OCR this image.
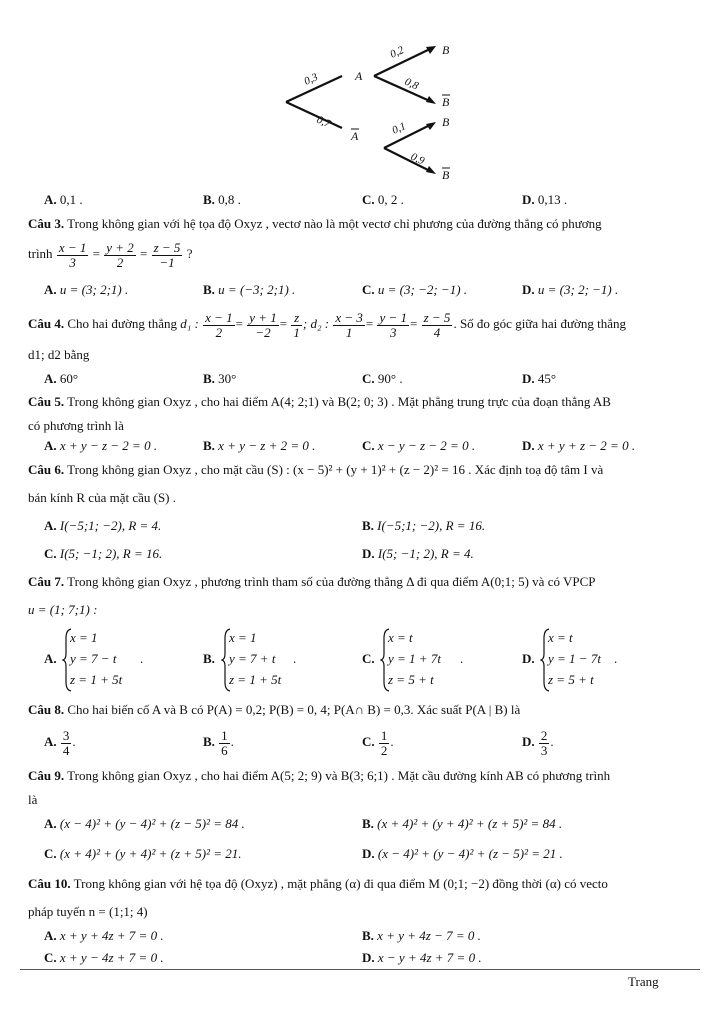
0,3
0,7
0,2
0,8
0,1
0,9
A
A
B
B
B
B
A. 0,1 .	B. 0,8 .	C. 0, 2 .	D. 0,13 .
Câu 3. Trong không gian với hệ tọa độ Oxyz , vectơ nào là một vectơ chỉ phương của đường thẳng có phương
trình $\frac{x - 1}{3} = \frac{y + 2}{2} = \frac{z - 5}{-1}$ ?
A. u = (3; 2;1) .	B. u = (−3; 2;1) .	C. u = (3; −2; −1) .	D. u = (3; 2; −1) .
Câu 4. Cho hai đường thẳng d₁ : $\frac{x - 1}{2} = \frac{y + 1}{-2} = \frac{z}{1}$ ; d₂ : $\frac{x - 3}{1} = \frac{y - 1}{3} = \frac{z - 5}{4}$ . Số đo góc giữa hai đường thẳng
d1; d2 bằng
A. 60°	B. 30°	C. 90° .	D. 45°
Câu 5. Trong không gian Oxyz , cho hai điểm A(4; 2;1) và B(2; 0; 3) . Mặt phẳng trung trực của đoạn thẳng AB
có phương trình là
A. x + y − z − 2 = 0 .	B. x + y − z + 2 = 0 .	C. x − y − z − 2 = 0 .	D. x + y + z − 2 = 0 .
Câu 6. Trong không gian Oxyz , cho mặt cầu (S) : (x − 5)² + (y + 1)² + (z − 2)² = 16 . Xác định toạ độ tâm I và
bán kính R của mặt cầu (S) .
A. I(−5;1; −2), R = 4.	B. I(−5;1; −2), R = 16.
C. I(5; −1; 2), R = 16.	D. I(5; −1; 2), R = 4.
Câu 7. Trong không gian Oxyz , phương trình tham số của đường thẳng Δ đi qua điểm A(0;1; 5) và có VPCP
u = (1; 7;1) :
A.
x = 1
y = 7 − t
z = 1 + 5t
.	B.
x = 1
y = 7 + t
z = 1 + 5t
.	C.
x = t
y = 1 + 7t
z = 5 + t
.	D.
x = t
y = 1 − 7t
z = 5 + t
.
Câu 8. Cho hai biến cố A và B có P(A) = 0,2; P(B) = 0, 4; P(A∩ B) = 0,3. Xác suất P(A | B) là
A. $\frac{3}{4}$ .	B. $\frac{1}{6}$ .	C. $\frac{1}{2}$ .	D. $\frac{2}{3}$ .
Câu 9. Trong không gian Oxyz , cho hai điểm A(5; 2; 9) và B(3; 6;1) . Mặt cầu đường kính AB có phương trình
là
A. (x − 4)² + (y − 4)² + (z − 5)² = 84 .	B. (x + 4)² + (y + 4)² + (z + 5)² = 84 .
C. (x + 4)² + (y + 4)² + (z + 5)² = 21.	D. (x − 4)² + (y − 4)² + (z − 5)² = 21 .
Câu 10. Trong không gian với hệ tọa độ (Oxyz) , mặt phẳng (α) đi qua điểm M (0;1; −2) đồng thời (α) có vecto
pháp tuyến n = (1;1; 4)
A. x + y + 4z + 7 = 0 .	B. x + y + 4z − 7 = 0 .
C. x + y − 4z + 7 = 0 .	D. x − y + 4z + 7 = 0 .
Trang
